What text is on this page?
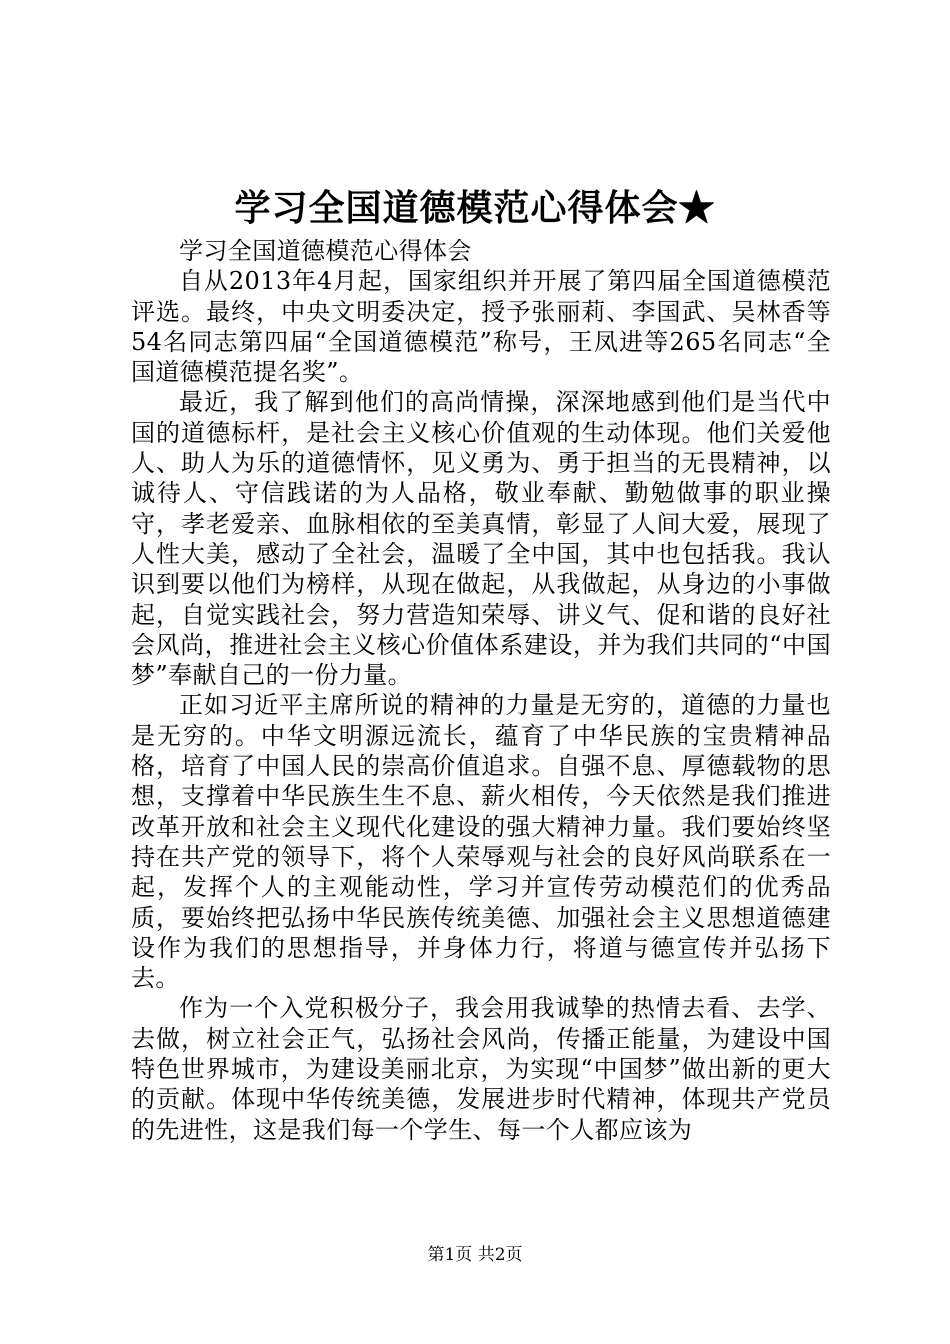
学习全国道德模范心得体会★

学习全国道德模范心得体会

自从2013年4月起，国家组织并开展了第四届全国道德模范评选。最终，中央文明委决定，授予张丽莉、李国武、吴林香等54名同志第四届“全国道德模范”称号，王凤进等265名同志“全国道德模范提名奖”。

最近，我了解到他们的高尚情操，深深地感到他们是当代中国的道德标杆，是社会主义核心价值观的生动体现。他们关爱他人、助人为乐的道德情怀，见义勇为、勇于担当的无畏精神，以诚待人、守信践诺的为人品格，敬业奉献、勤勉做事的职业操守，孝老爱亲、血脉相依的至美真情，彰显了人间大爱，展现了人性大美，感动了全社会，温暖了全中国，其中也包括我。我认识到要以他们为榜样，从现在做起，从我做起，从身边的小事做起，自觉实践社会，努力营造知荣辱、讲义气、促和谐的良好社会风尚，推进社会主义核心价值体系建设，并为我们共同的“中国梦”奉献自己的一份力量。

正如习近平主席所说的精神的力量是无穷的，道德的力量也是无穷的。中华文明源远流长，蕴育了中华民族的宝贵精神品格，培育了中国人民的崇高价值追求。自强不息、厚德载物的思想，支撑着中华民族生生不息、薪火相传，今天依然是我们推进改革开放和社会主义现代化建设的强大精神力量。我们要始终坚持在共产党的领导下，将个人荣辱观与社会的良好风尚联系在一起，发挥个人的主观能动性，学习并宣传劳动模范们的优秀品质，要始终把弘扬中华民族传统美德、加强社会主义思想道德建设作为我们的思想指导，并身体力行，将道与德宣传并弘扬下去。

作为一个入党积极分子，我会用我诚挚的热情去看、去学、去做，树立社会正气，弘扬社会风尚，传播正能量，为建设中国特色世界城市，为建设美丽北京，为实现“中国梦”做出新的更大的贡献。体现中华传统美德，发展进步时代精神，体现共产党员的先进性，这是我们每一个学生、每一个人都应该为

第1页 共2页
